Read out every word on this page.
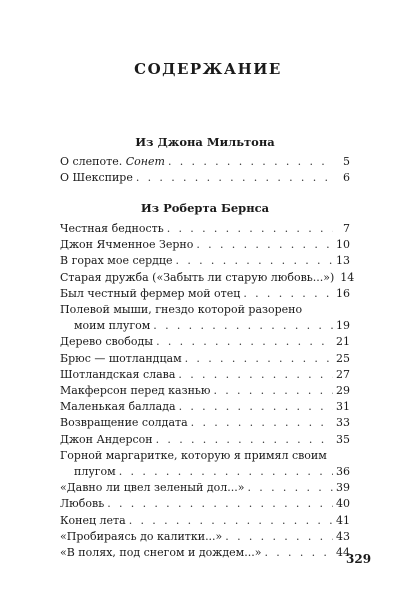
СОДЕРЖАНИЕ
Из Джона Мильтона
О слепоте. Сонет . . .	5
О Шекспире . . .	6
Из Роберта Бернса
Честная бедность . . .	7
Джон Ячменное Зерно . . .	10
В горах мое сердце . . .	13
Старая дружба («Забыть ли старую любовь...») 14
Был честный фермер мой отец . . .	16
Полевой мыши, гнездо которой разорено
моим плугом . . .	19
Дерево свободы . . .	21
Брюс — шотландцам . . .	25
Шотландская слава . . .	27
Макферсон перед казнью . . .	29
Маленькая баллада . . .	31
Возвращение солдата . . .	33
Джон Андерсон . . .	35
Горной маргаритке, которую я примял своим
плугом . . .	36
«Давно ли цвел зеленый дол...» . . .	39
Любовь . . .	40
Конец лета . . .	41
«Пробираясь до калитки...» . . .	43
«В полях, под снегом и дождем...» . . .	44
329
